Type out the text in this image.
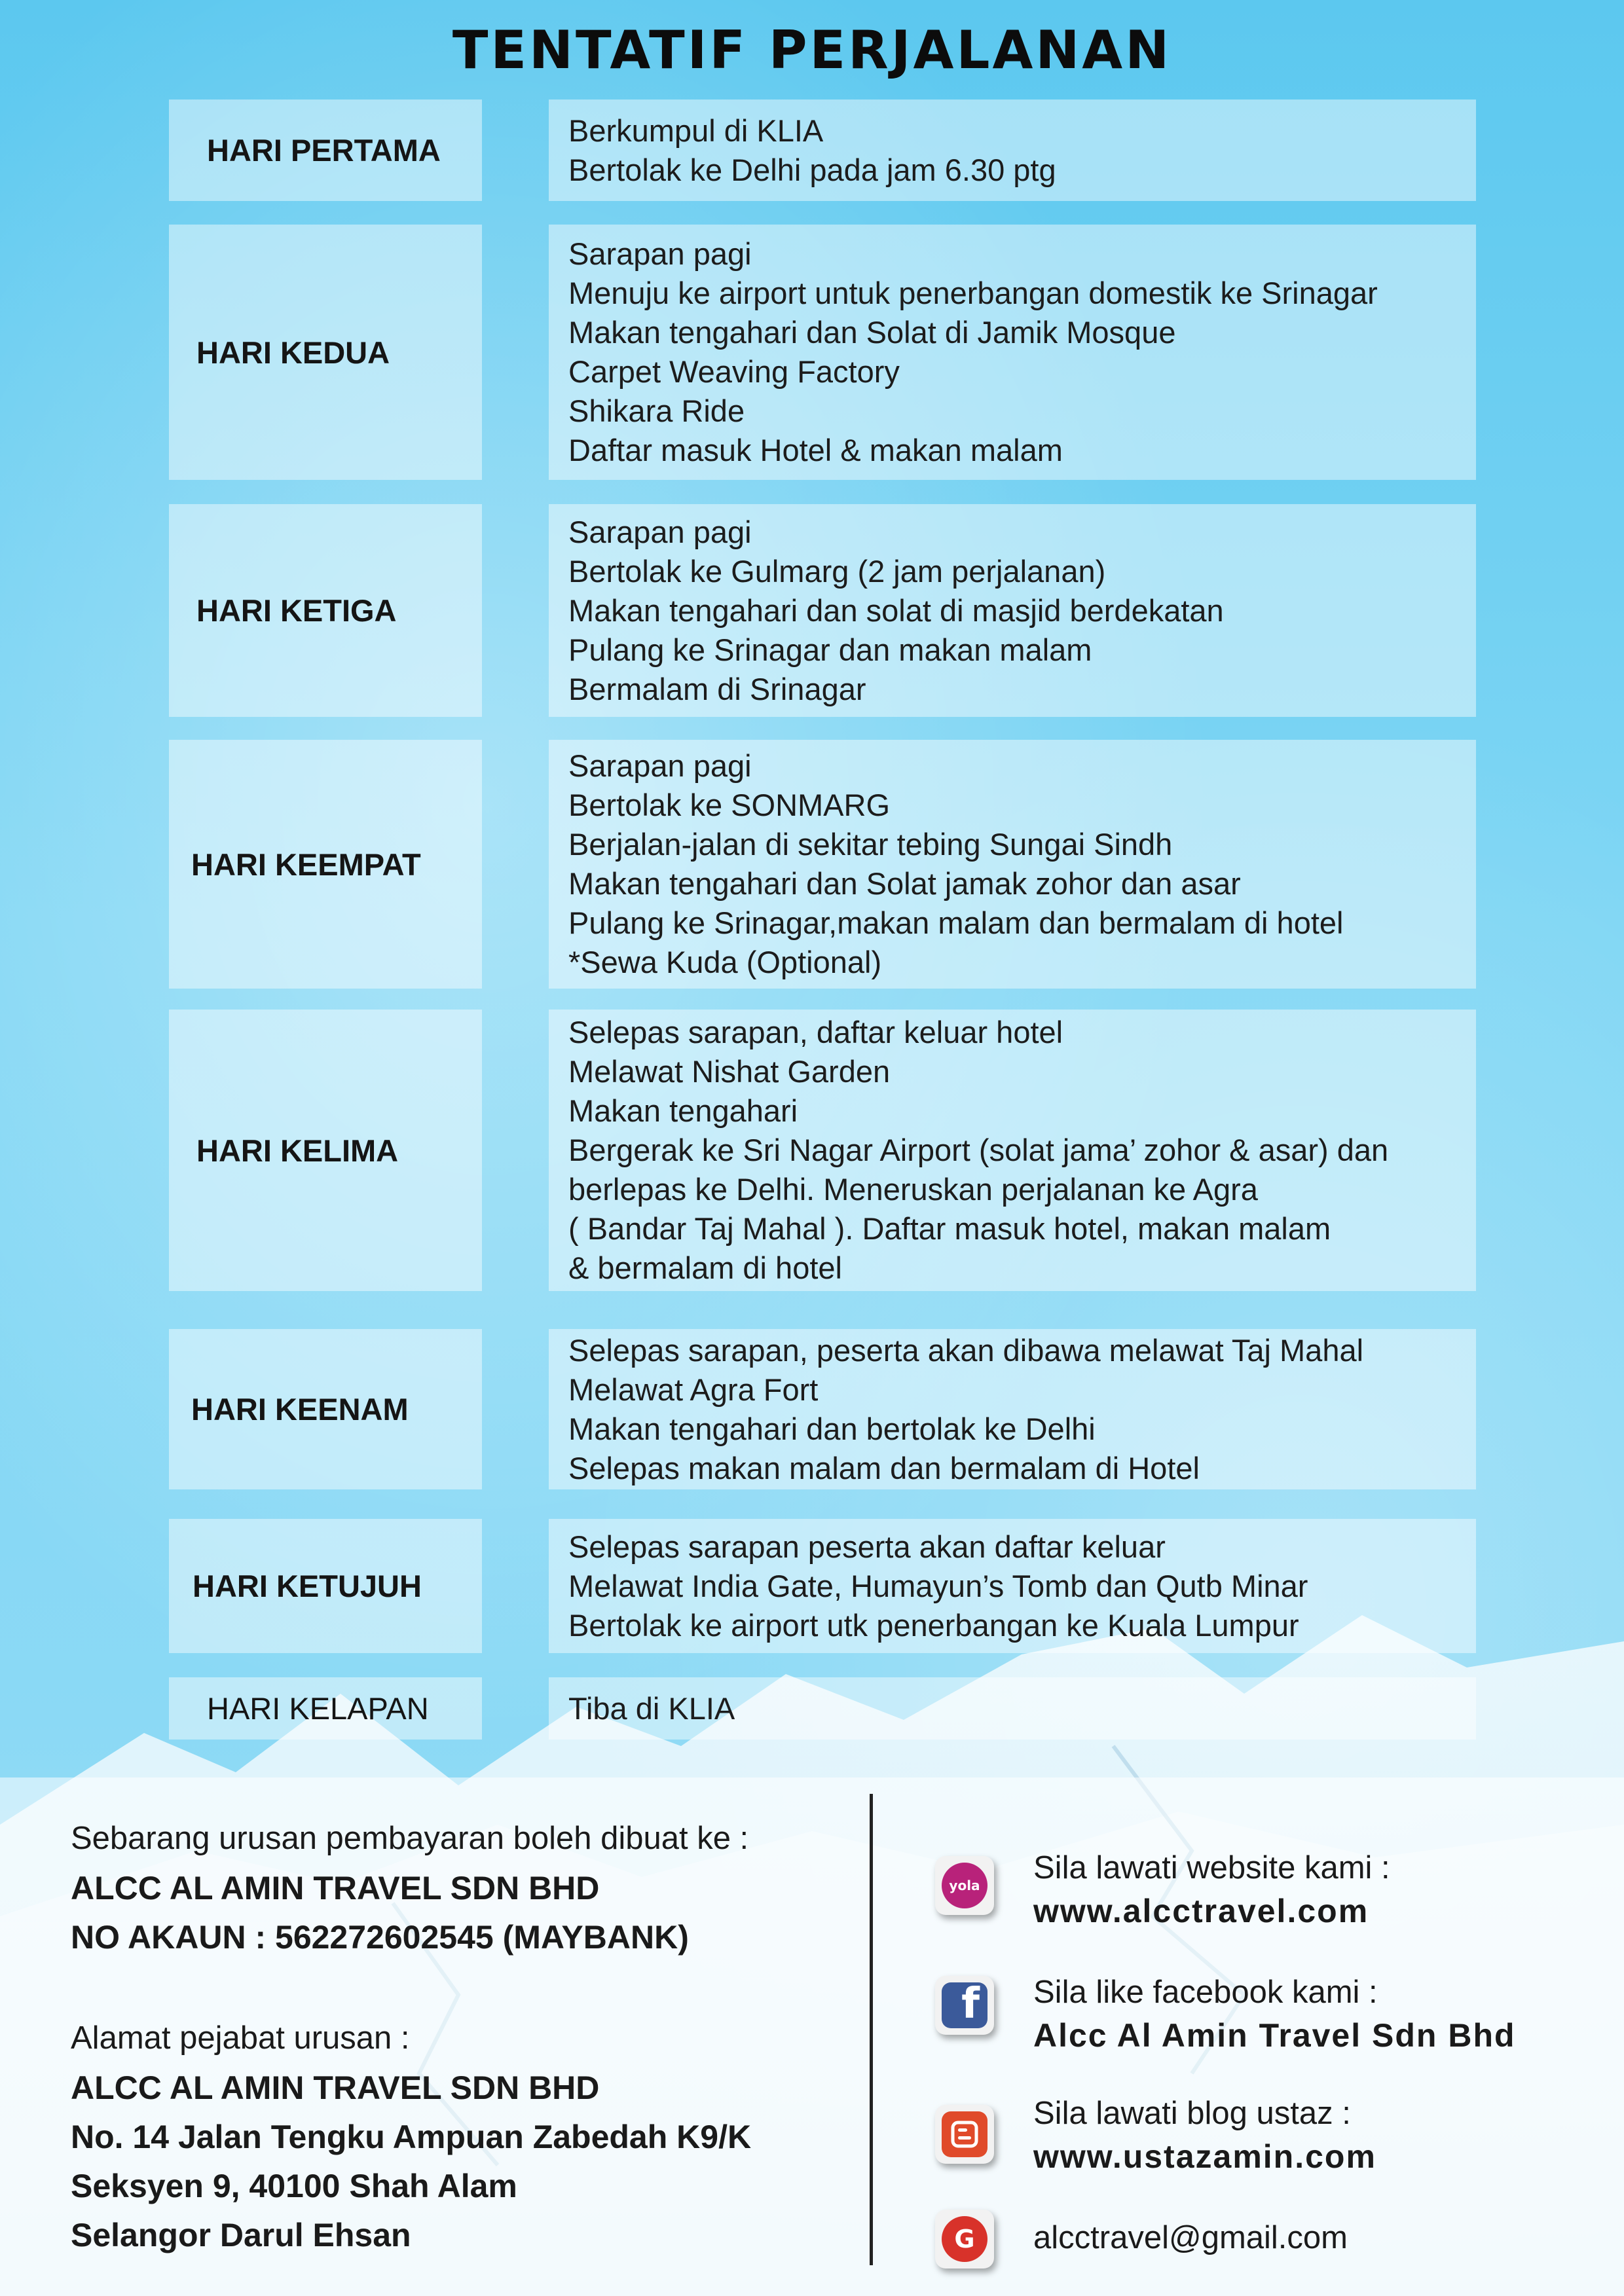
TENTATIF PERJALANAN
HARI PERTAMA
Berkumpul di KLIA
Bertolak ke Delhi pada jam 6.30 ptg
HARI KEDUA
Sarapan pagi
Menuju ke airport untuk penerbangan domestik ke Srinagar
Makan tengahari dan Solat di Jamik Mosque
Carpet Weaving Factory
Shikara Ride
Daftar masuk Hotel & makan malam
HARI KETIGA
Sarapan pagi
Bertolak ke Gulmarg (2 jam perjalanan)
Makan tengahari dan solat di masjid berdekatan
Pulang ke Srinagar dan makan malam
Bermalam di Srinagar
HARI KEEMPAT
Sarapan pagi
Bertolak ke SONMARG
Berjalan-jalan di sekitar tebing Sungai Sindh
Makan tengahari dan Solat jamak zohor dan asar
Pulang ke Srinagar,makan malam dan bermalam di hotel
*Sewa Kuda (Optional)
HARI KELIMA
Selepas sarapan, daftar keluar hotel
Melawat Nishat Garden
Makan tengahari
Bergerak ke Sri Nagar Airport (solat jama’ zohor & asar) dan
berlepas ke Delhi. Meneruskan perjalanan ke Agra
( Bandar Taj Mahal ). Daftar masuk hotel, makan malam
& bermalam di hotel
HARI KEENAM
Selepas sarapan, peserta akan dibawa melawat Taj Mahal
Melawat Agra Fort
Makan tengahari dan bertolak ke Delhi
Selepas makan malam dan bermalam di Hotel
HARI KETUJUH
Selepas sarapan peserta akan daftar keluar
Melawat India Gate, Humayun’s Tomb dan Qutb Minar
Bertolak ke airport utk penerbangan ke Kuala Lumpur
HARI KELAPAN	Tiba di KLIA
Sebarang urusan pembayaran boleh dibuat ke :
ALCC AL AMIN TRAVEL SDN BHD
NO AKAUN : 562272602545 (MAYBANK)
Alamat pejabat urusan :
ALCC AL AMIN TRAVEL SDN BHD
No. 14 Jalan Tengku Ampuan Zabedah K9/K
Seksyen 9, 40100 Shah Alam
Selangor Darul Ehsan
yola Sila lawati website kami :
www.alcctravel.com
f Sila like facebook kami :
Alcc Al Amin Travel Sdn Bhd
Sila lawati blog ustaz :
www.ustazamin.com
G	alcctravel@gmail.com
